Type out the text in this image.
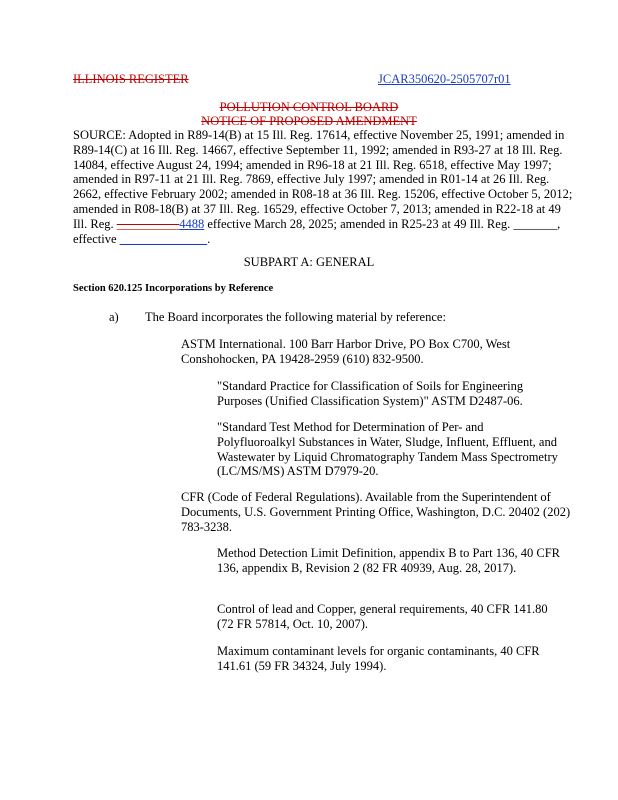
ILLINOIS REGISTER	JCAR350620-2505707r01
POLLUTION CONTROL BOARD
NOTICE OF PROPOSED AMENDMENT
SOURCE: Adopted in R89-14(B) at 15 Ill. Reg. 17614, effective November 25, 1991; amended in R89-14(C) at 16 Ill. Reg. 14667, effective September 11, 1992; amended in R93-27 at 18 Ill. Reg. 14084, effective August 24, 1994; amended in R96-18 at 21 Ill. Reg. 6518, effective May 1997; amended in R97-11 at 21 Ill. Reg. 7869, effective July 1997; amended in R01-14 at 26 Ill. Reg. 2662, effective February 2002; amended in R08-18 at 36 Ill. Reg. 15206, effective October 5, 2012; amended in R08-18(B) at 37 Ill. Reg. 16529, effective October 7, 2013; amended in R22-18 at 49 Ill. Reg. __________4488 effective March 28, 2025; amended in R25-23 at 49 Ill. Reg. _______, effective ______________.
SUBPART A: GENERAL
Section 620.125 Incorporations by Reference
a) The Board incorporates the following material by reference:
ASTM International. 100 Barr Harbor Drive, PO Box C700, West Conshohocken, PA 19428-2959 (610) 832-9500.
"Standard Practice for Classification of Soils for Engineering Purposes (Unified Classification System)" ASTM D2487-06.
"Standard Test Method for Determination of Per- and Polyfluoroalkyl Substances in Water, Sludge, Influent, Effluent, and Wastewater by Liquid Chromatography Tandem Mass Spectrometry (LC/MS/MS) ASTM D7979-20.
CFR (Code of Federal Regulations). Available from the Superintendent of Documents, U.S. Government Printing Office, Washington, D.C. 20402 (202) 783-3238.
Method Detection Limit Definition, appendix B to Part 136, 40 CFR 136, appendix B, Revision 2 (82 FR 40939, Aug. 28, 2017).
Control of lead and Copper, general requirements, 40 CFR 141.80 (72 FR 57814, Oct. 10, 2007).
Maximum contaminant levels for organic contaminants, 40 CFR 141.61 (59 FR 34324, July 1994).
